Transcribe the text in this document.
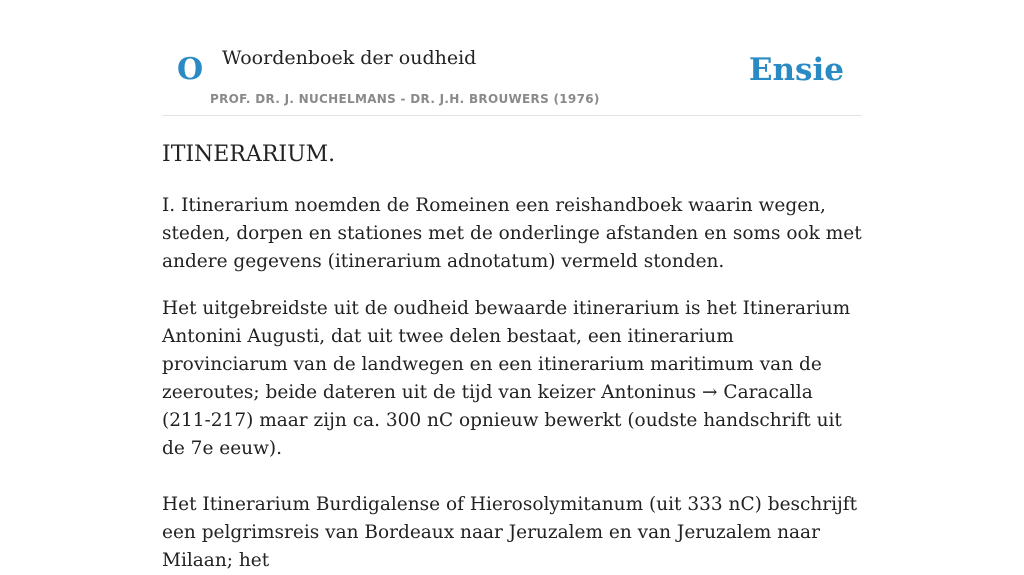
O Woordenboek der oudheid
PROF. DR. J. NUCHELMANS - DR. J.H. BROUWERS (1976)
Ensie
ITINERARIUM.

I. Itinerarium noemden de Romeinen een reishandboek waarin wegen, steden, dorpen en stationes met de onderlinge afstanden en soms ook met andere gegevens (itinerarium adnotatum) vermeld stonden.

Het uitgebreidste uit de oudheid bewaarde itinerarium is het Itinerarium Antonini Augusti, dat uit twee delen bestaat, een itinerarium provinciarum van de landwegen en een itinerarium maritimum van de zeeroutes; beide dateren uit de tijd van keizer Antoninus → Caracalla (211-217) maar zijn ca. 300 nC opnieuw bewerkt (oudste handschrift uit de 7e eeuw).

Het Itinerarium Burdigalense of Hierosolymitanum (uit 333 nC) beschrijft een pelgrimsreis van Bordeaux naar Jeruzalem en van Jeruzalem naar Milaan; het
